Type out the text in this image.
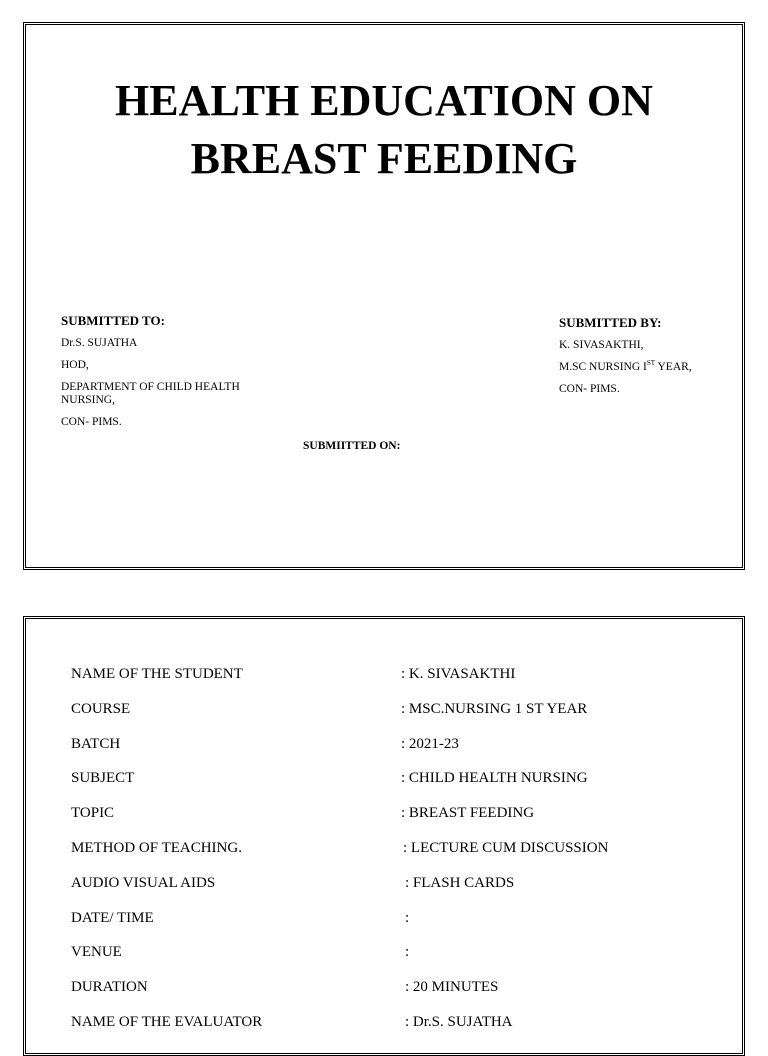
HEALTH EDUCATION ON
BREAST FEEDING
SUBMITTED TO:
Dr.S. SUJATHA
HOD,
DEPARTMENT OF CHILD HEALTH NURSING,
CON- PIMS.
SUBMITTED BY:
K. SIVASAKTHI,
M.SC NURSING IST YEAR,
CON- PIMS.
SUBMIITTED ON:
NAME OF THE STUDENT	: K. SIVASAKTHI
COURSE	: MSC.NURSING 1 ST YEAR
BATCH	: 2021-23
SUBJECT	: CHILD HEALTH NURSING
TOPIC	: BREAST FEEDING
METHOD OF TEACHING.	: LECTURE CUM DISCUSSION
AUDIO VISUAL AIDS	: FLASH CARDS
DATE/ TIME	:
VENUE	:
DURATION	: 20 MINUTES
NAME OF THE EVALUATOR	: Dr.S. SUJATHA
